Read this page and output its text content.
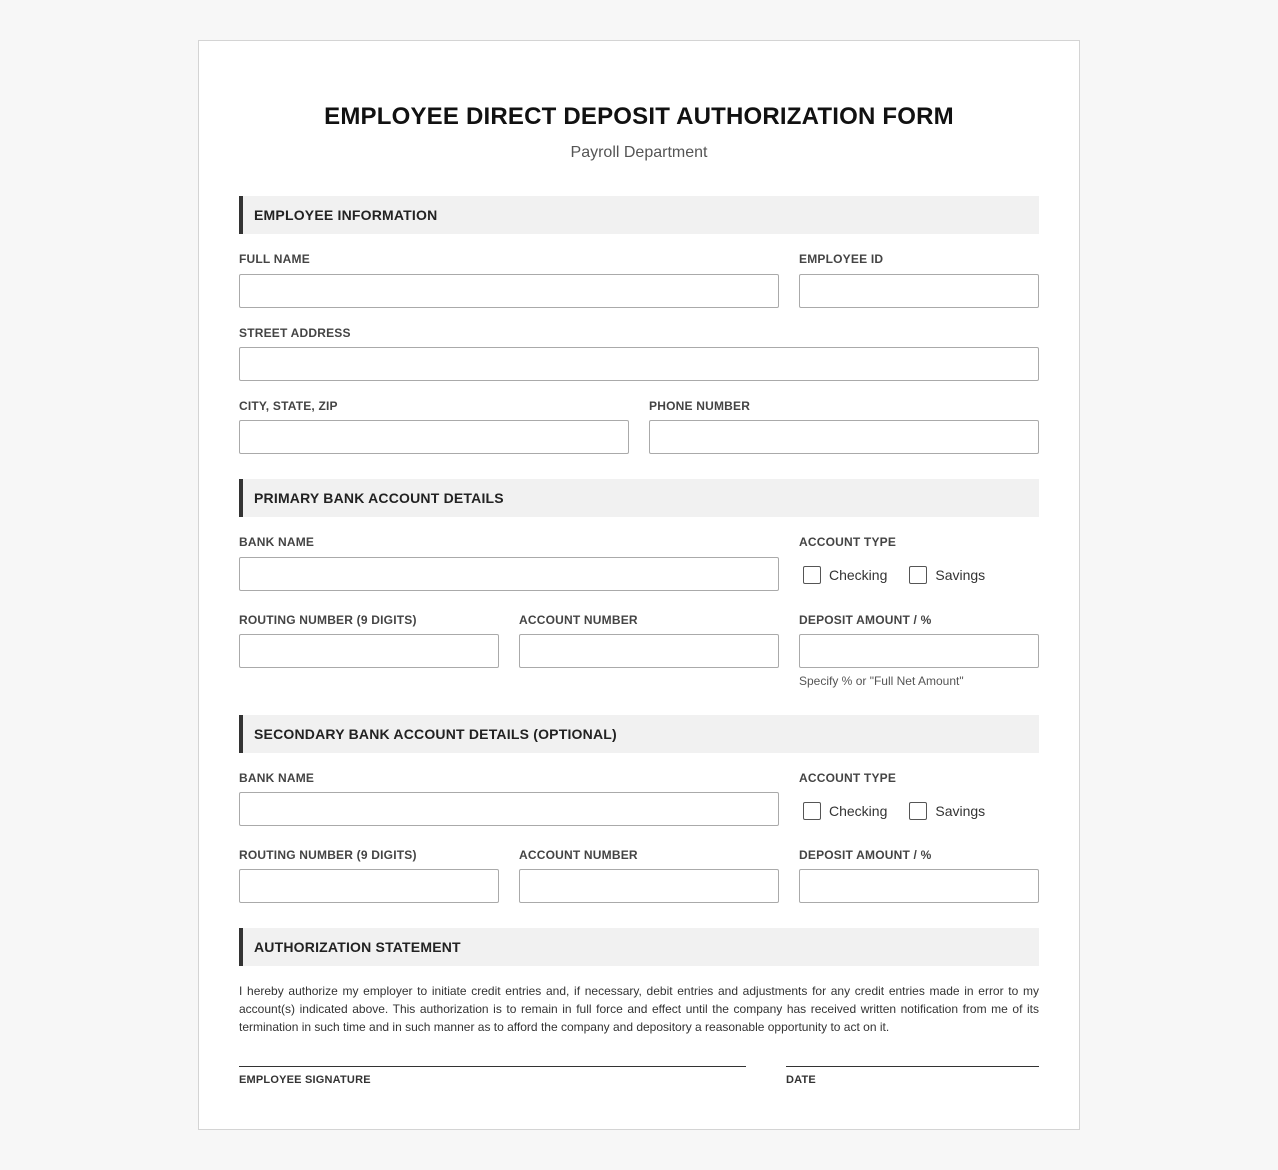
EMPLOYEE DIRECT DEPOSIT AUTHORIZATION FORM
Payroll Department
EMPLOYEE INFORMATION
FULL NAME	EMPLOYEE ID
STREET ADDRESS
CITY, STATE, ZIP	PHONE NUMBER
PRIMARY BANK ACCOUNT DETAILS
BANK NAME	ACCOUNT TYPE
Checking	Savings
ROUTING NUMBER (9 DIGITS)	ACCOUNT NUMBER	DEPOSIT AMOUNT / %
Specify % or "Full Net Amount"
SECONDARY BANK ACCOUNT DETAILS (OPTIONAL)
BANK NAME	ACCOUNT TYPE
Checking	Savings
ROUTING NUMBER (9 DIGITS)	ACCOUNT NUMBER	DEPOSIT AMOUNT / %
AUTHORIZATION STATEMENT
I hereby authorize my employer to initiate credit entries and, if necessary, debit entries and adjustments for any credit entries made in error to my account(s) indicated above. This authorization is to remain in full force and effect until the company has received written notification from me of its termination in such time and in such manner as to afford the company and depository a reasonable opportunity to act on it.
EMPLOYEE SIGNATURE	DATE
